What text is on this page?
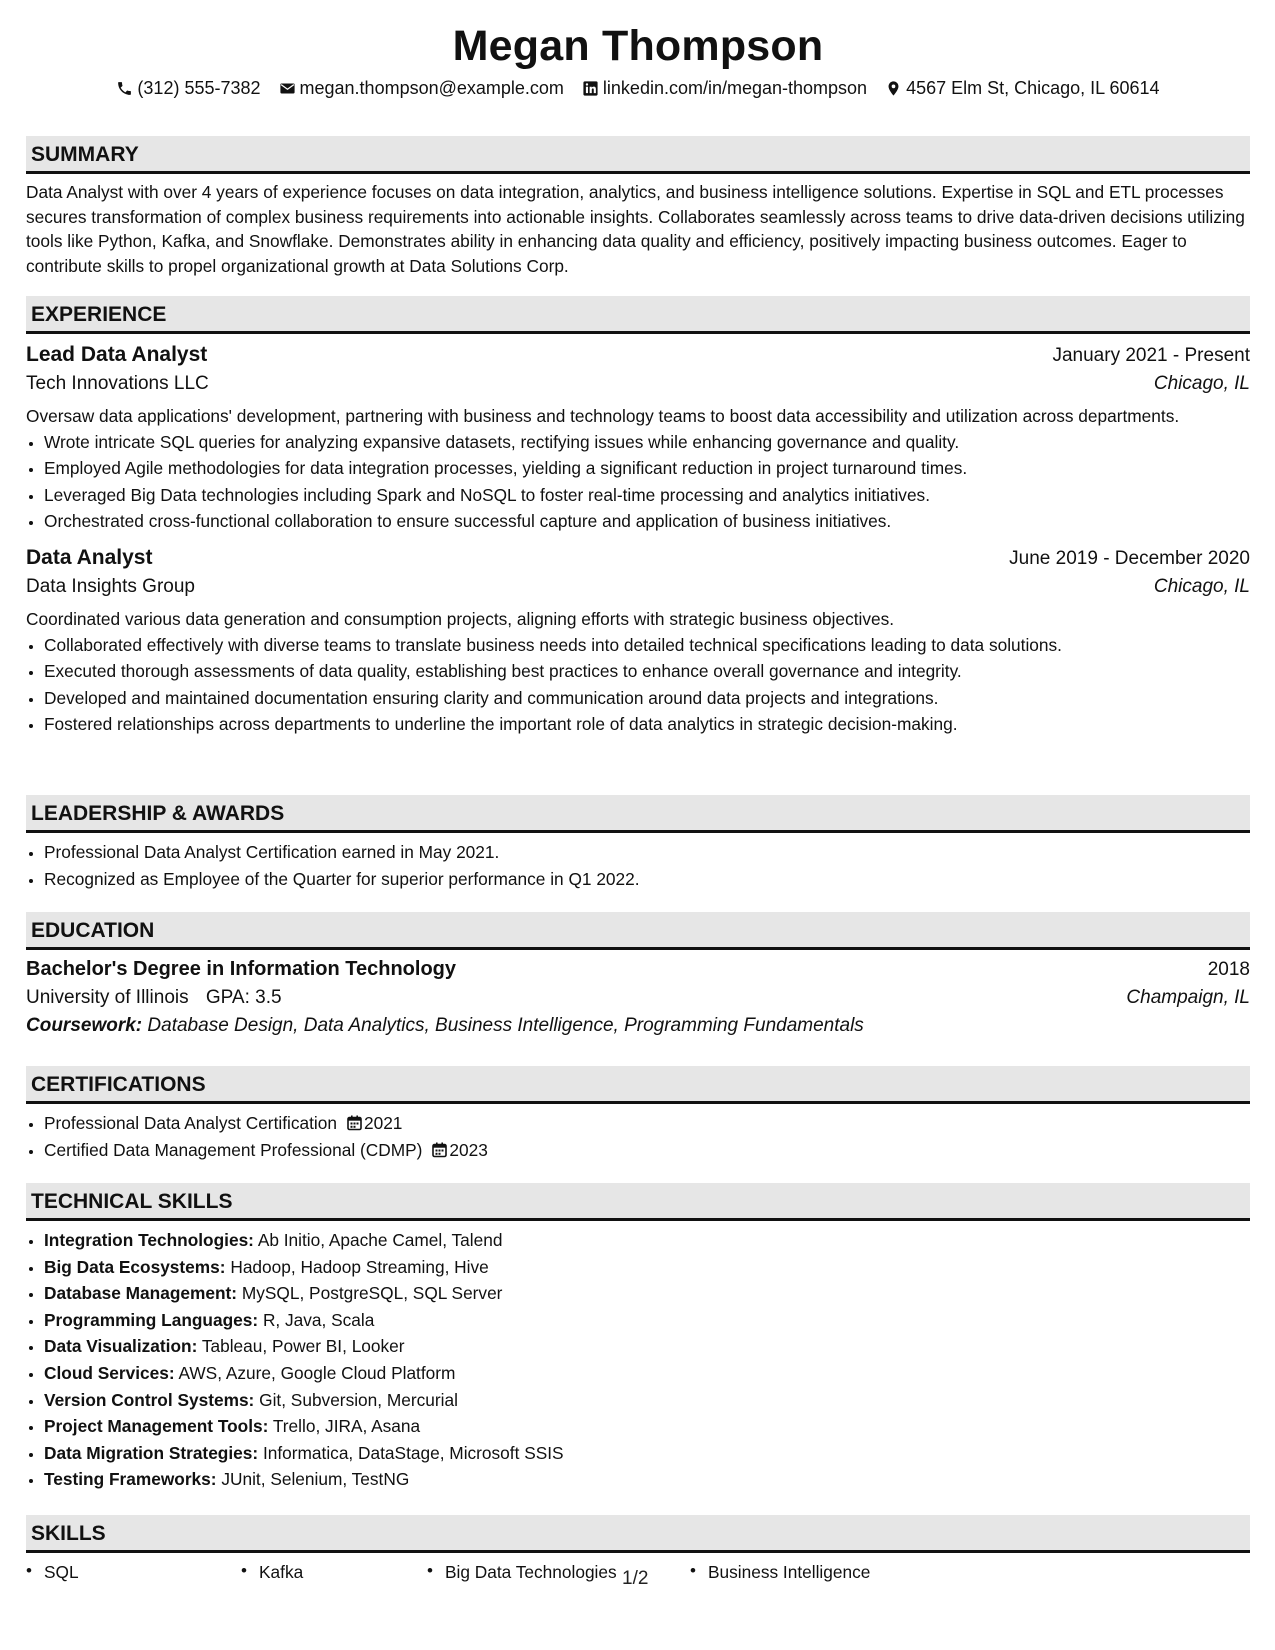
Megan Thompson
(312) 555-7382 megan.thompson@example.com linkedin.com/in/megan-thompson 4567 Elm St, Chicago, IL 60614
SUMMARY
Data Analyst with over 4 years of experience focuses on data integration, analytics, and business intelligence solutions. Expertise in SQL and ETL processes secures transformation of complex business requirements into actionable insights. Collaborates seamlessly across teams to drive data-driven decisions utilizing tools like Python, Kafka, and Snowflake. Demonstrates ability in enhancing data quality and efficiency, positively impacting business outcomes. Eager to contribute skills to propel organizational growth at Data Solutions Corp.
EXPERIENCE
Lead Data Analyst	January 2021 - Present
Tech Innovations LLC	Chicago, IL
Oversaw data applications' development, partnering with business and technology teams to boost data accessibility and utilization across departments.
• Wrote intricate SQL queries for analyzing expansive datasets, rectifying issues while enhancing governance and quality.
• Employed Agile methodologies for data integration processes, yielding a significant reduction in project turnaround times.
• Leveraged Big Data technologies including Spark and NoSQL to foster real-time processing and analytics initiatives.
• Orchestrated cross-functional collaboration to ensure successful capture and application of business initiatives.
Data Analyst	June 2019 - December 2020
Data Insights Group	Chicago, IL
Coordinated various data generation and consumption projects, aligning efforts with strategic business objectives.
• Collaborated effectively with diverse teams to translate business needs into detailed technical specifications leading to data solutions.
• Executed thorough assessments of data quality, establishing best practices to enhance overall governance and integrity.
• Developed and maintained documentation ensuring clarity and communication around data projects and integrations.
• Fostered relationships across departments to underline the important role of data analytics in strategic decision-making.
LEADERSHIP & AWARDS
• Professional Data Analyst Certification earned in May 2021.
• Recognized as Employee of the Quarter for superior performance in Q1 2022.
EDUCATION
Bachelor's Degree in Information Technology	2018
University of Illinois GPA: 3.5	Champaign, IL
Coursework: Database Design, Data Analytics, Business Intelligence, Programming Fundamentals
CERTIFICATIONS
• Professional Data Analyst Certification 2021
• Certified Data Management Professional (CDMP) 2023
TECHNICAL SKILLS
• Integration Technologies: Ab Initio, Apache Camel, Talend
• Big Data Ecosystems: Hadoop, Hadoop Streaming, Hive
• Database Management: MySQL, PostgreSQL, SQL Server
• Programming Languages: R, Java, Scala
• Data Visualization: Tableau, Power BI, Looker
• Cloud Services: AWS, Azure, Google Cloud Platform
• Version Control Systems: Git, Subversion, Mercurial
• Project Management Tools: Trello, JIRA, Asana
• Data Migration Strategies: Informatica, DataStage, Microsoft SSIS
• Testing Frameworks: JUnit, Selenium, TestNG
SKILLS
• SQL	• Kafka	• Big Data Technologies	• Business Intelligence
1/2
